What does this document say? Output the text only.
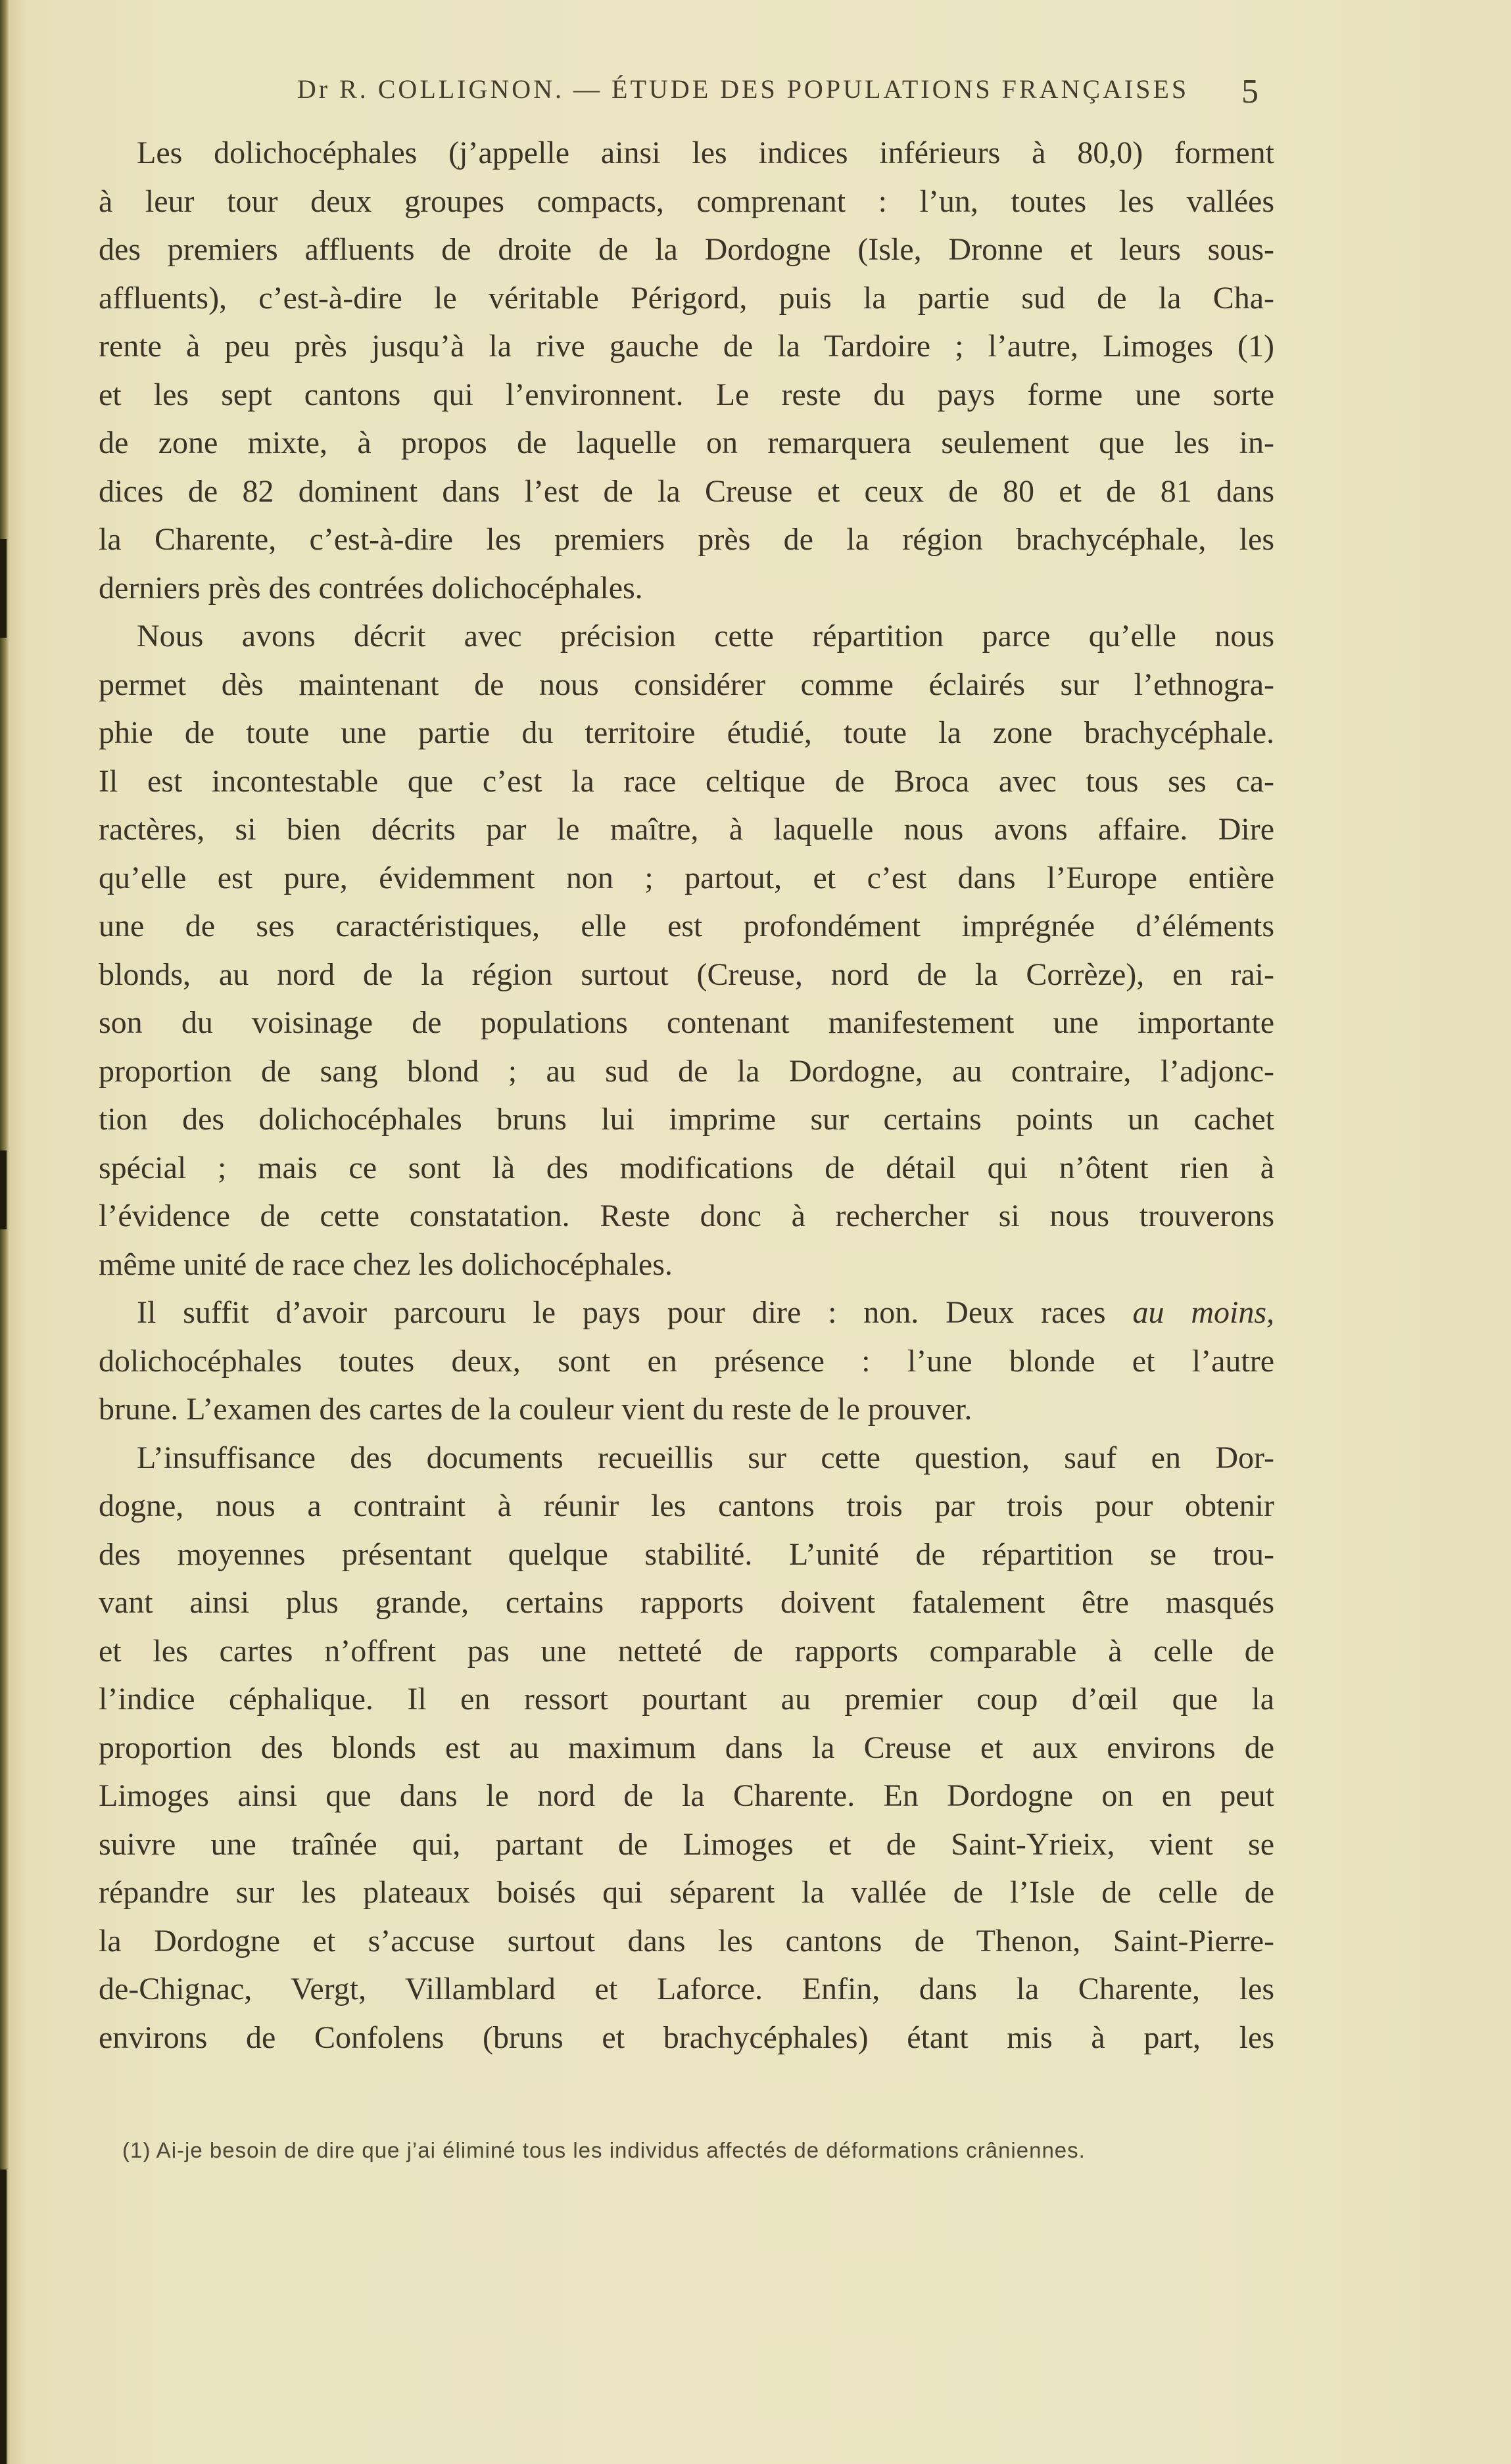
Dr R. COLLIGNON. — ÉTUDE DES POPULATIONS FRANÇAISES	5
Les dolichocéphales (j’appelle ainsi les indices inférieurs à 80,0) forment
à leur tour deux groupes compacts, comprenant : l’un, toutes les vallées
des premiers affluents de droite de la Dordogne (Isle, Dronne et leurs sous-
affluents), c’est-à-dire le véritable Périgord, puis la partie sud de la Cha-
rente à peu près jusqu’à la rive gauche de la Tardoire ; l’autre, Limoges (1)
et les sept cantons qui l’environnent. Le reste du pays forme une sorte
de zone mixte, à propos de laquelle on remarquera seulement que les in-
dices de 82 dominent dans l’est de la Creuse et ceux de 80 et de 81 dans
la Charente, c’est-à-dire les premiers près de la région brachycéphale, les
derniers près des contrées dolichocéphales.
Nous avons décrit avec précision cette répartition parce qu’elle nous
permet dès maintenant de nous considérer comme éclairés sur l’ethnogra-
phie de toute une partie du territoire étudié, toute la zone brachycéphale.
Il est incontestable que c’est la race celtique de Broca avec tous ses ca-
ractères, si bien décrits par le maître, à laquelle nous avons affaire. Dire
qu’elle est pure, évidemment non ; partout, et c’est dans l’Europe entière
une de ses caractéristiques, elle est profondément imprégnée d’éléments
blonds, au nord de la région surtout (Creuse, nord de la Corrèze), en rai-
son du voisinage de populations contenant manifestement une importante
proportion de sang blond ; au sud de la Dordogne, au contraire, l’adjonc-
tion des dolichocéphales bruns lui imprime sur certains points un cachet
spécial ; mais ce sont là des modifications de détail qui n’ôtent rien à
l’évidence de cette constatation. Reste donc à rechercher si nous trouverons
même unité de race chez les dolichocéphales.
Il suffit d’avoir parcouru le pays pour dire : non. Deux races au moins,
dolichocéphales toutes deux, sont en présence : l’une blonde et l’autre
brune. L’examen des cartes de la couleur vient du reste de le prouver.
L’insuffisance des documents recueillis sur cette question, sauf en Dor-
dogne, nous a contraint à réunir les cantons trois par trois pour obtenir
des moyennes présentant quelque stabilité. L’unité de répartition se trou-
vant ainsi plus grande, certains rapports doivent fatalement être masqués
et les cartes n’offrent pas une netteté de rapports comparable à celle de
l’indice céphalique. Il en ressort pourtant au premier coup d’œil que la
proportion des blonds est au maximum dans la Creuse et aux environs de
Limoges ainsi que dans le nord de la Charente. En Dordogne on en peut
suivre une traînée qui, partant de Limoges et de Saint-Yrieix, vient se
répandre sur les plateaux boisés qui séparent la vallée de l’Isle de celle de
la Dordogne et s’accuse surtout dans les cantons de Thenon, Saint-Pierre-
de-Chignac, Vergt, Villamblard et Laforce. Enfin, dans la Charente, les
environs de Confolens (bruns et brachycéphales) étant mis à part, les
(1) Ai-je besoin de dire que j’ai éliminé tous les individus affectés de déformations crâniennes.
